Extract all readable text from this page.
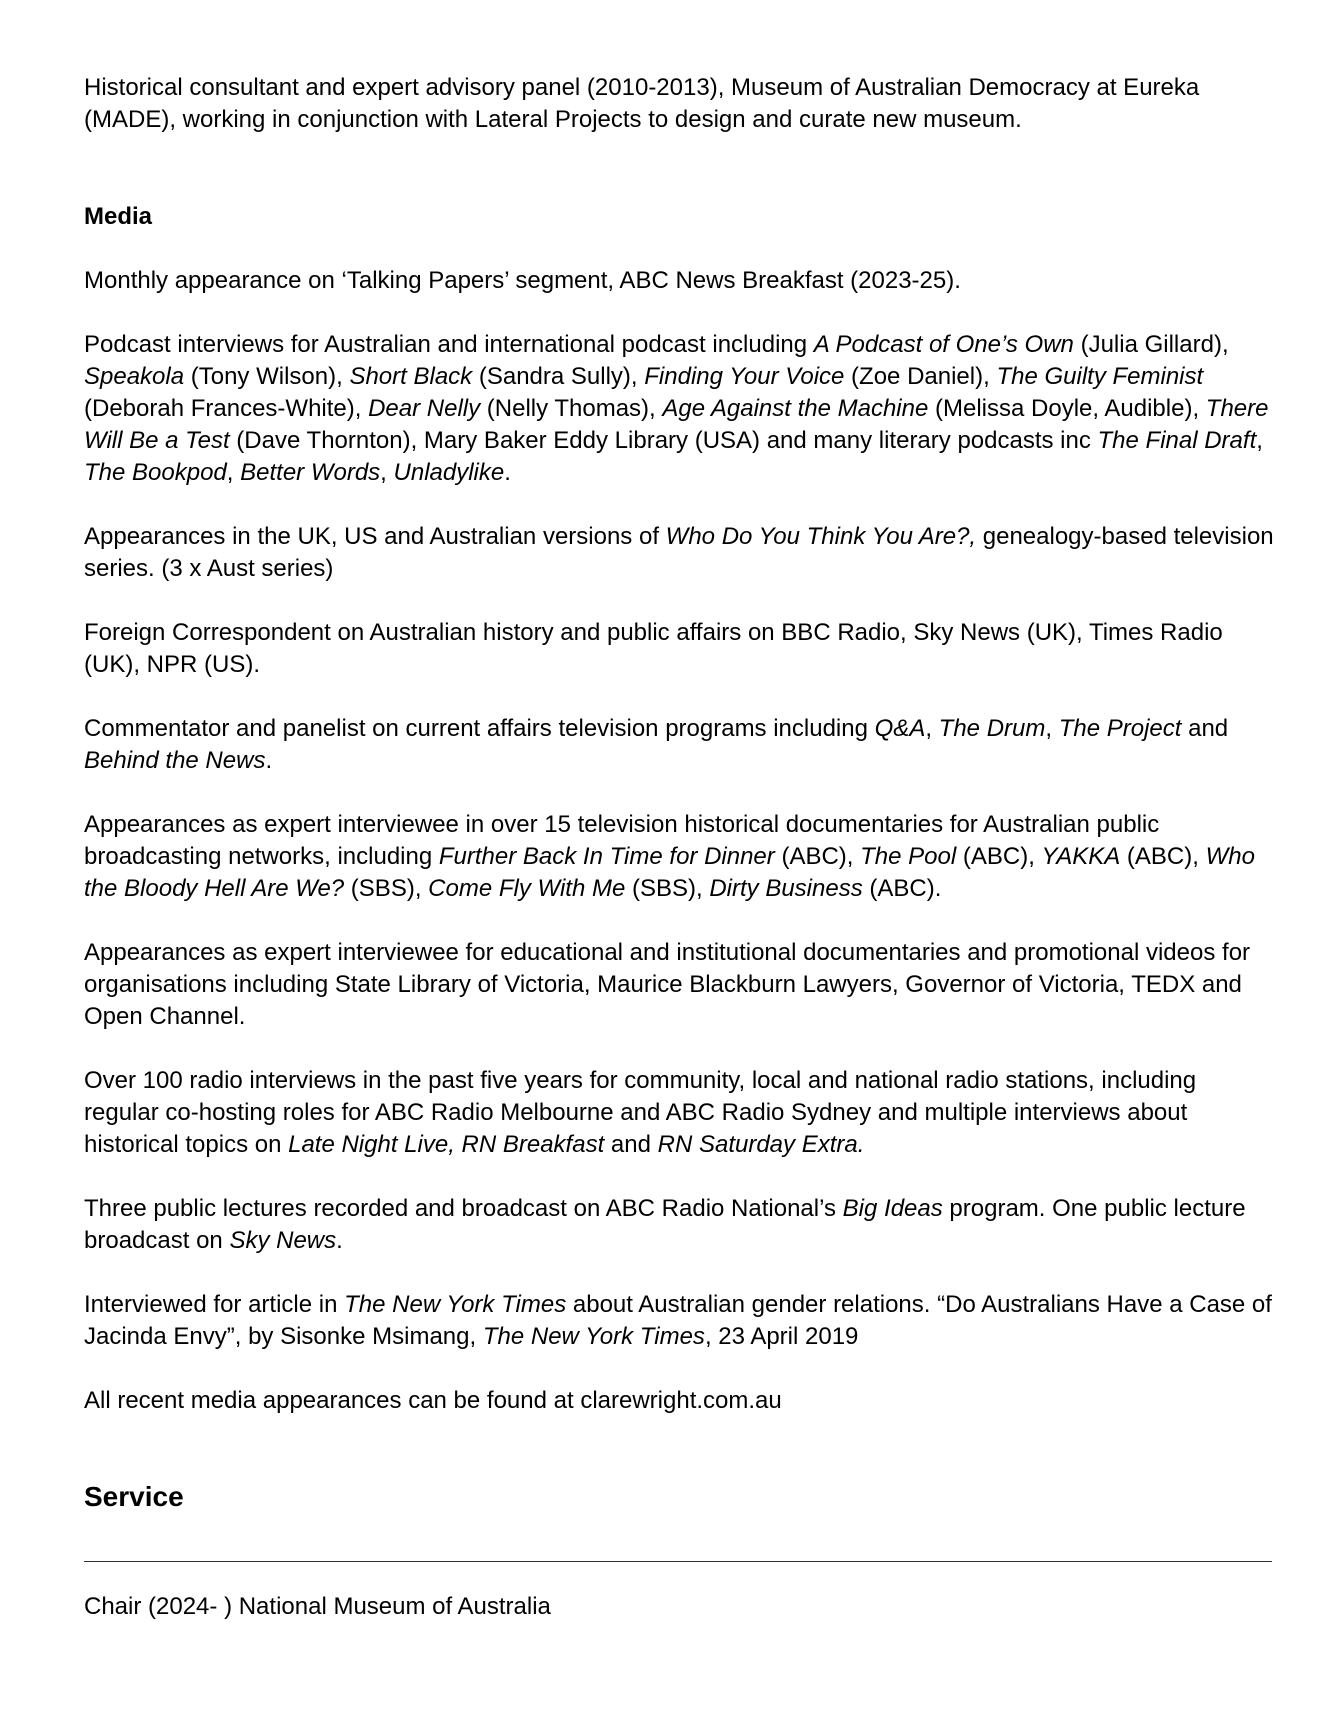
Historical consultant and expert advisory panel (2010-2013), Museum of Australian Democracy at Eureka (MADE), working in conjunction with Lateral Projects to design and curate new museum.

Media

Monthly appearance on ‘Talking Papers’ segment, ABC News Breakfast (2023-25).

Podcast interviews for Australian and international podcast including A Podcast of One’s Own (Julia Gillard), Speakola (Tony Wilson), Short Black (Sandra Sully), Finding Your Voice (Zoe Daniel), The Guilty Feminist (Deborah Frances-White), Dear Nelly (Nelly Thomas), Age Against the Machine (Melissa Doyle, Audible), There Will Be a Test (Dave Thornton), Mary Baker Eddy Library (USA) and many literary podcasts inc The Final Draft, The Bookpod, Better Words, Unladylike.

Appearances in the UK, US and Australian versions of Who Do You Think You Are?, genealogy-based television series. (3 x Aust series)

Foreign Correspondent on Australian history and public affairs on BBC Radio, Sky News (UK), Times Radio (UK), NPR (US).

Commentator and panelist on current affairs television programs including Q&A, The Drum, The Project and Behind the News.

Appearances as expert interviewee in over 15 television historical documentaries for Australian public broadcasting networks, including Further Back In Time for Dinner (ABC), The Pool (ABC), YAKKA (ABC), Who the Bloody Hell Are We? (SBS), Come Fly With Me (SBS), Dirty Business (ABC).

Appearances as expert interviewee for educational and institutional documentaries and promotional videos for organisations including State Library of Victoria, Maurice Blackburn Lawyers, Governor of Victoria, TEDX and Open Channel.

Over 100 radio interviews in the past five years for community, local and national radio stations, including regular co-hosting roles for ABC Radio Melbourne and ABC Radio Sydney and multiple interviews about historical topics on Late Night Live, RN Breakfast and RN Saturday Extra.

Three public lectures recorded and broadcast on ABC Radio National’s Big Ideas program. One public lecture broadcast on Sky News.

Interviewed for article in The New York Times about Australian gender relations. “Do Australians Have a Case of Jacinda Envy”, by Sisonke Msimang, The New York Times, 23 April 2019

All recent media appearances can be found at clarewright.com.au

Service

Chair (2024- ) National Museum of Australia
